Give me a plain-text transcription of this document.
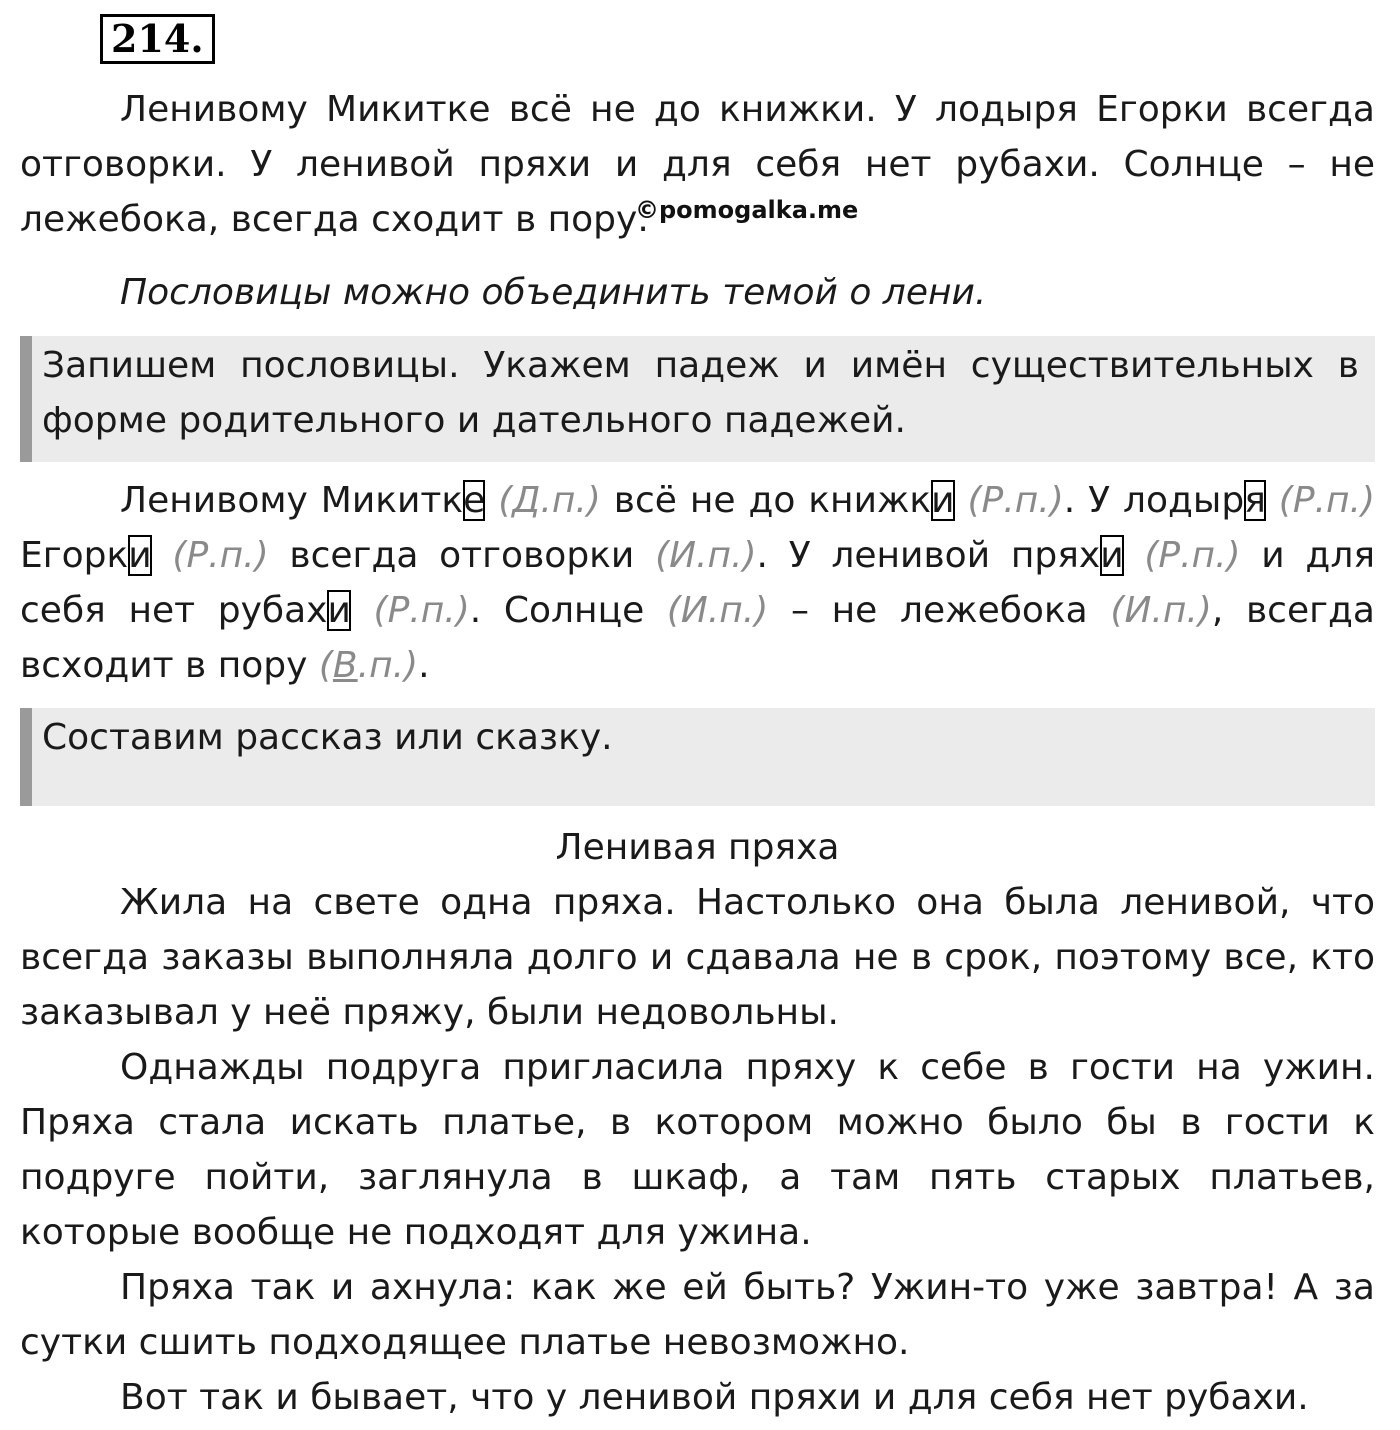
214.

Ленивому Микитке всё не до книжки. У лодыря Егорки всегда отговорки. У ленивой пряхи и для себя нет рубахи. Солнце – не лежебока, всегда сходит в пору.

©pomogalka.me

Пословицы можно объединить темой о лени.

Запишем пословицы. Укажем падеж и имён существительных в форме родительного и дательного падежей.

Ленивому Микитке (Д.п.) всё не до книжки (Р.п.). У лодыря (Р.п.) Егорки (Р.п.) всегда отговорки (И.п.). У ленивой пряхи (Р.п.) и для себя нет рубахи (Р.п.). Солнце (И.п.) – не лежебока (И.п.), всегда всходит в пору (В.п.).

Составим рассказ или сказку.

Ленивая пряха

Жила на свете одна пряха. Настолько она была ленивой, что всегда заказы выполняла долго и сдавала не в срок, поэтому все, кто заказывал у неё пряжу, были недовольны.

Однажды подруга пригласила пряху к себе в гости на ужин. Пряха стала искать платье, в котором можно было бы в гости к подруге пойти, заглянула в шкаф, а там пять старых платьев, которые вообще не подходят для ужина.

Пряха так и ахнула: как же ей быть? Ужин-то уже завтра! А за сутки сшить подходящее платье невозможно.

Вот так и бывает, что у ленивой пряхи и для себя нет рубахи.
